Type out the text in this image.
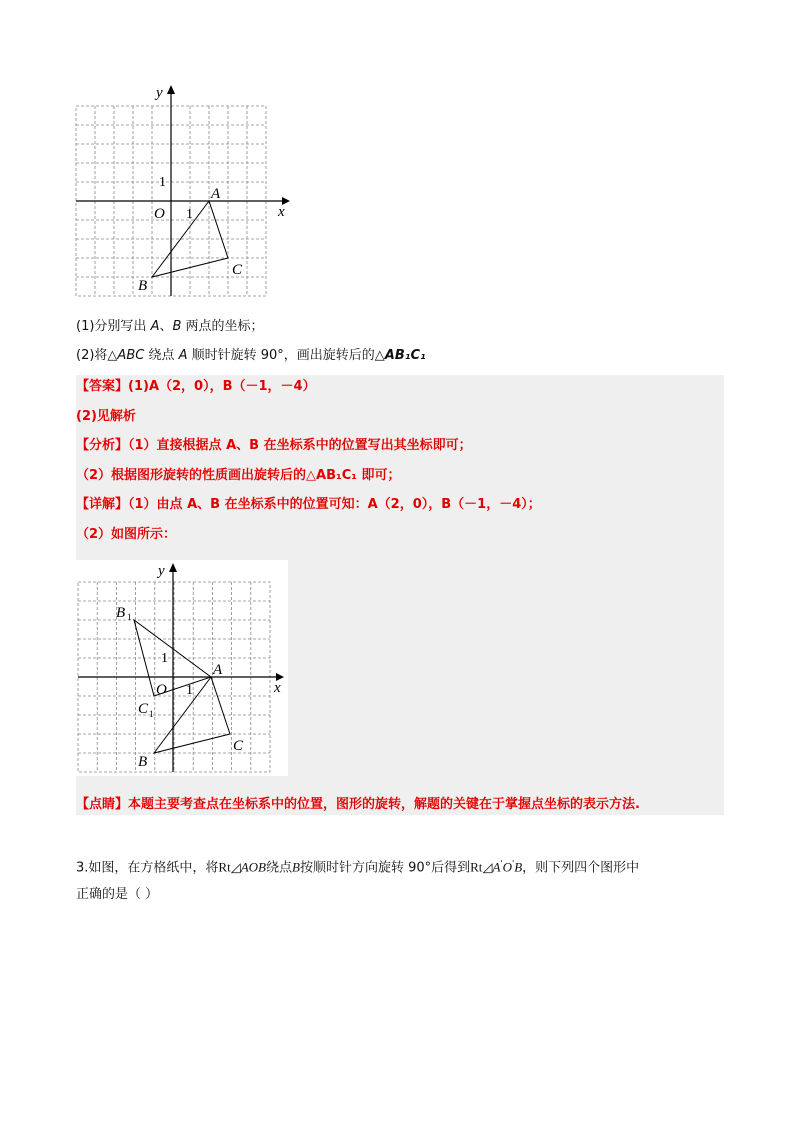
y
x
1
1
O
A
B
C
(1)分别写出 A、B 两点的坐标；
(2)将△ABC 绕点 A 顺时针旋转 90°，画出旋转后的△AB₁C₁
【答案】(1)A（2，0），B（－1，－4）
(2)见解析
【分析】（1）直接根据点 A、B 在坐标系中的位置写出其坐标即可；
（2）根据图形旋转的性质画出旋转后的△AB₁C₁ 即可；
【详解】（1）由点 A、B 在坐标系中的位置可知：A（2，0），B（－1，－4）；
（2）如图所示：
y
x
1
1
O
A
B
C
B 1
C 1
【点睛】本题主要考查点在坐标系中的位置，图形的旋转，解题的关键在于掌握点坐标的表示方法.
3.如图，在方格纸中，将Rt◿AOB绕点B按顺时针方向旋转 90°后得到Rt◿A'O'B，则下列四个图形中
正确的是（ ）
